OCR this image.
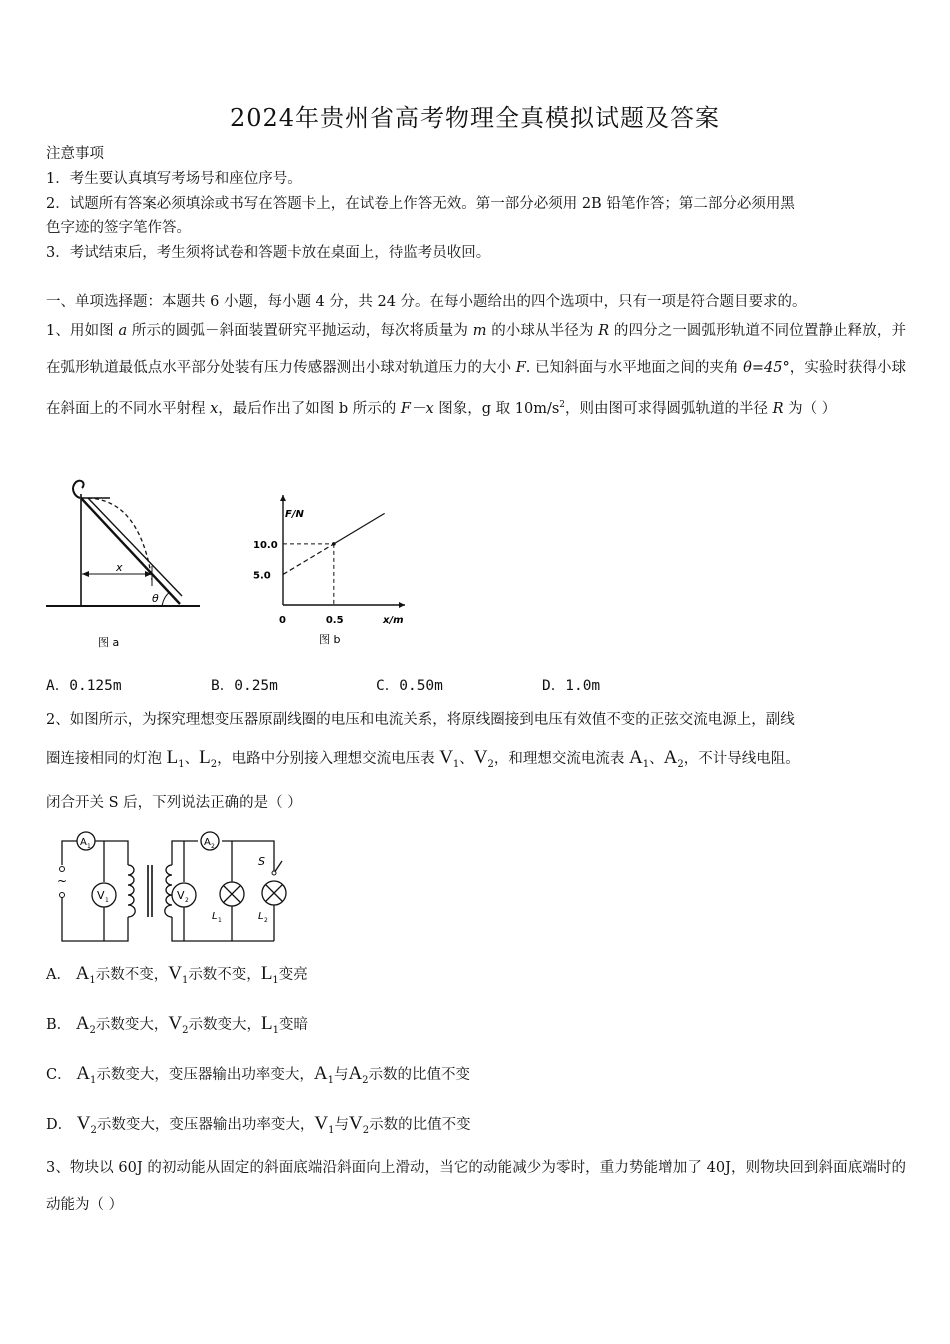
2024年贵州省高考物理全真模拟试题及答案
注意事项
1．考生要认真填写考场号和座位序号。
2．试题所有答案必须填涂或书写在答题卡上，在试卷上作答无效。第一部分必须用 2B 铅笔作答；第二部分必须用黑
色字迹的签字笔作答。
3．考试结束后，考生须将试卷和答题卡放在桌面上，待监考员收回。
一、单项选择题：本题共 6 小题，每小题 4 分，共 24 分。在每小题给出的四个选项中，只有一项是符合题目要求的。
1、用如图 a 所示的圆弧－斜面装置研究平抛运动，每次将质量为 m 的小球从半径为 R 的四分之一圆弧形轨道不同位置静止释放，并在弧形轨道最低点水平部分处装有压力传感器测出小球对轨道压力的大小 F. 已知斜面与水平地面之间的夹角 θ=45°，实验时获得小球在斜面上的不同水平射程 x，最后作出了如图 b 所示的 F－x 图象，g 取 $10m/s^2$，则由图可求得圆弧轨道的半径 R 为（ ）
x
θ
图 a
F/N
x/m
5.0
10.0
0	0.5
图 b
A．0.125m	B．0.25m	C．0.50m	D．1.0m
2、如图所示，为探究理想变压器原副线圈的电压和电流关系，将原线圈接到电压有效值不变的正弦交流电源上，副线
圈连接相同的灯泡 $L_1$、$L_2$，电路中分别接入理想交流电压表 $V_1$、$V_2$，和理想交流电流表 $A_1$、$A_2$，不计导线电阻。
闭合开关 S 后，下列说法正确的是（ ）
~
A 1
V 1
A 2
V 2
L 1	L 2
S
A． $A_1$示数不变，$V_1$示数不变，$L_1$变亮
B． $A_2$示数变大，$V_2$示数变大，$L_1$变暗
C． $A_1$示数变大，变压器输出功率变大，$A_1$与$A_2$示数的比值不变
D． $V_2$示数变大，变压器输出功率变大，$V_1$与$V_2$示数的比值不变
3、物块以 60J 的初动能从固定的斜面底端沿斜面向上滑动，当它的动能减少为零时，重力势能增加了 40J，则物块回到斜面底端时的动能为（ ）
